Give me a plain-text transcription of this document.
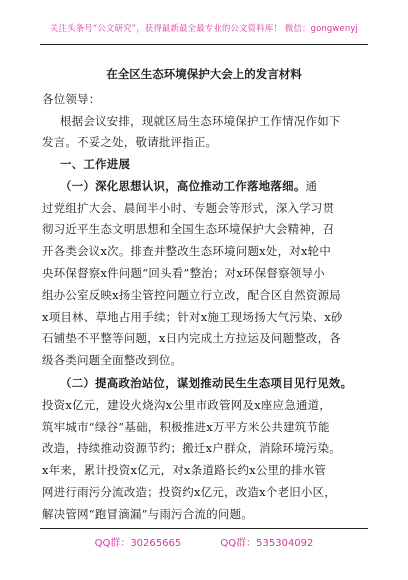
关注头条号“公文研究”，获得最新最全最专业的公文资料库！ 微信：gongwenyj
在全区生态环境保护大会上的发言材料
各位领导：
根据会议安排，现就区局生态环境保护工作情况作如下
发言。不妥之处，敬请批评指正。
一、工作进展
（一）深化思想认识，高位推动工作落地落细。通
过党组扩大会、晨间半小时、专题会等形式，深入学习贯
彻习近平生态文明思想和全国生态环境保护大会精神，召
开各类会议x次。排查并整改生态环境问题x处，对x轮中
央环保督察x件问题“回头看”整治；对x环保督察领导小
组办公室反映x扬尘管控问题立行立改，配合区自然资源局
x项目林、草地占用手续；针对x施工现场扬大气污染、x砂
石铺垫不平整等问题，x日内完成土方拉运及问题整改，各
级各类问题全面整改到位。
（二）提高政治站位，谋划推动民生生态项目见行见效。
投资x亿元，建设火烧沟x公里市政管网及x座应急通道，
筑牢城市“绿谷”基础，积极推进x万平方米公共建筑节能
改造，持续推动资源节约；搬迁x户群众，消除环境污染。
x年来，累计投资x亿元，对x条道路长约x公里的排水管
网进行雨污分流改造；投资约x亿元，改造x个老旧小区，
解决管网“跑冒滴漏”与雨污合流的问题。
QQ群：30265665	QQ群：535304092
